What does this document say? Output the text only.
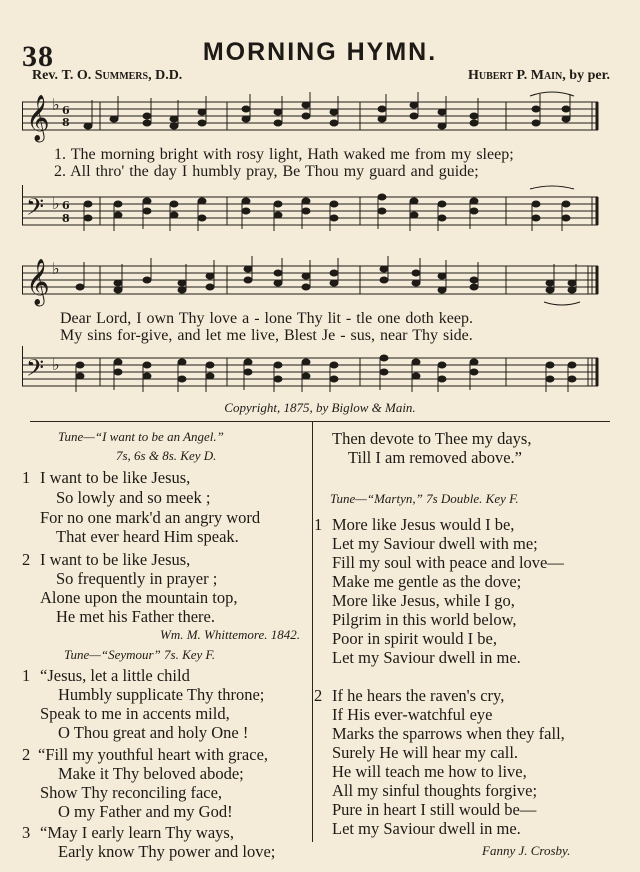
38	MORNING HYMN.
Rev. T. O. Summers, D.D.	Hubert P. Main, by per.
𝄞 ♭ 6
8
1. The morning bright with rosy light, Hath waked me from my sleep;
2. All thro' the day I humbly pray, Be Thou my guard and guide;
𝄢 ♭ 6
8
𝄞 ♭
Dear Lord, I own Thy love a - lone Thy lit - tle one doth keep.
My sins for-give, and let me live, Blest Je - sus, near Thy side.
𝄢 ♭
Copyright, 1875, by Biglow & Main.
Tune—“I want to be an Angel.”
7s, 6s & 8s. Key D.
1 I want to be like Jesus,
So lowly and so meek ;
For no one mark'd an angry word
That ever heard Him speak.
2 I want to be like Jesus,
So frequently in prayer ;
Alone upon the mountain top,
He met his Father there.
Wm. M. Whittemore. 1842.
Tune—“Seymour” 7s. Key F.
1 “Jesus, let a little child
Humbly supplicate Thy throne;
Speak to me in accents mild,
O Thou great and holy One !
2 “Fill my youthful heart with grace,
Make it Thy beloved abode;
Show Thy reconciling face,
O my Father and my God!
3 “May I early learn Thy ways,
Early know Thy power and love;
Then devote to Thee my days,
Till I am removed above.”
Tune—“Martyn,” 7s Double. Key F.
1 More like Jesus would I be,
Let my Saviour dwell with me;
Fill my soul with peace and love—
Make me gentle as the dove;
More like Jesus, while I go,
Pilgrim in this world below,
Poor in spirit would I be,
Let my Saviour dwell in me.
2 If he hears the raven's cry,
If His ever-watchful eye
Marks the sparrows when they fall,
Surely He will hear my call.
He will teach me how to live,
All my sinful thoughts forgive;
Pure in heart I still would be—
Let my Saviour dwell in me.
Fanny J. Crosby.
